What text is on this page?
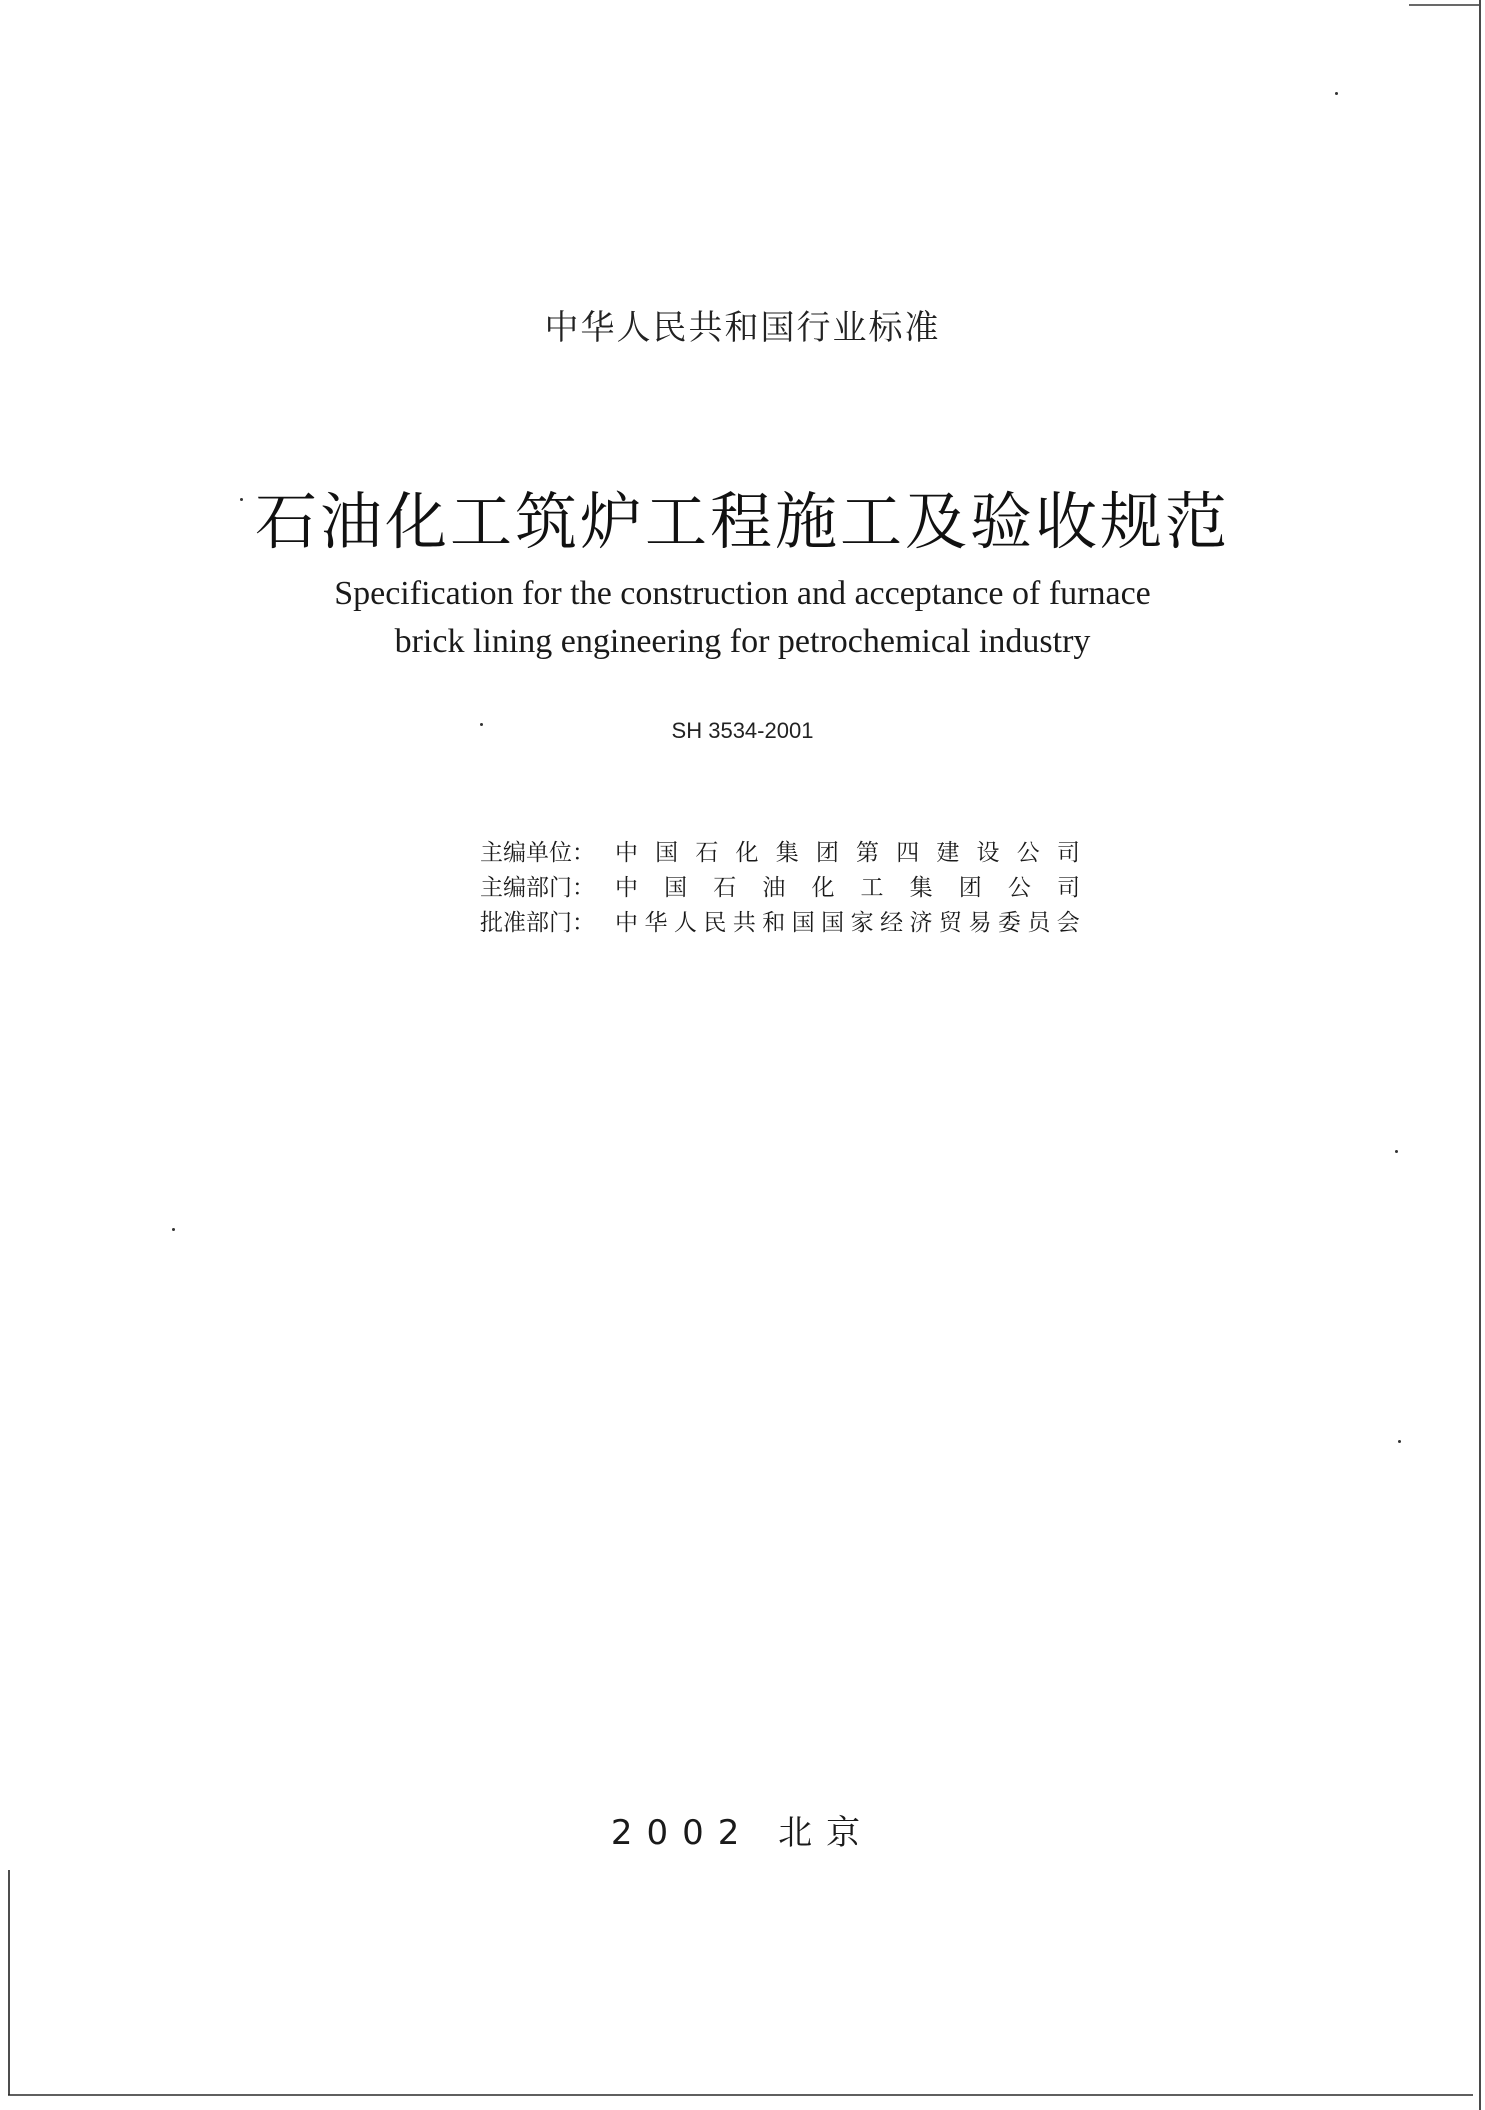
中华人民共和国行业标准
石油化工筑炉工程施工及验收规范
Specification for the construction and acceptance of furnace
brick lining engineering for petrochemical industry
SH 3534-2001
主编单位： 中 国 石 化 集 团 第 四 建 设 公 司
主编部门： 中 国 石 油 化 工 集 团 公 司
批准部门： 中 华 人 民 共 和 国 国 家 经 济 贸 易 委 员 会
2002 北京
